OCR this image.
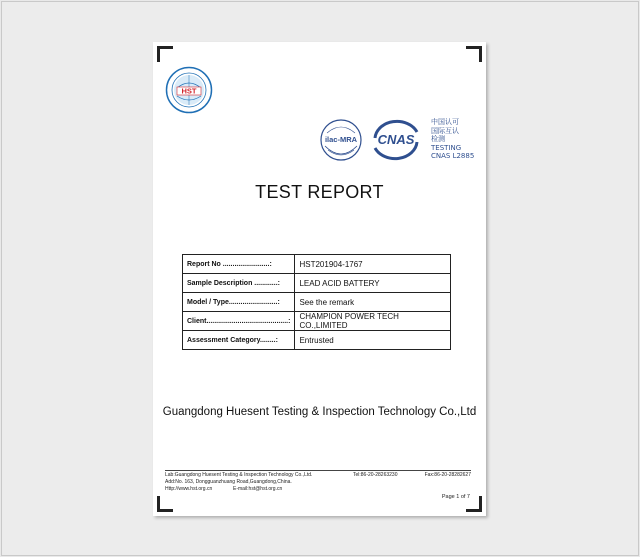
HST
ilac-MRA CNAS
中国认可
国际互认
检测
TESTING
CNAS L2885
TEST REPORT
Report No ........................:	HST201904-1767
Sample Description ............:	LEAD ACID BATTERY
Model / Type.........................:	See the remark
Client..........................................:	CHAMPION POWER TECH CO.,LIMITED
Assessment Category........:	Entrusted
Guangdong Huesent Testing & Inspection Technology Co.,Ltd
Lab:Guangdong Huesent Testing & Inspection Technology Co.,Ltd.	Tel:86-20-28263230	Fax:86-20-28282627
Add:No. 163, Dongguanzhuang Road,Guangdong,China.
Http://www.hst.org.cn	E-mail:hst@hst.org.cn
Page 1 of 7
